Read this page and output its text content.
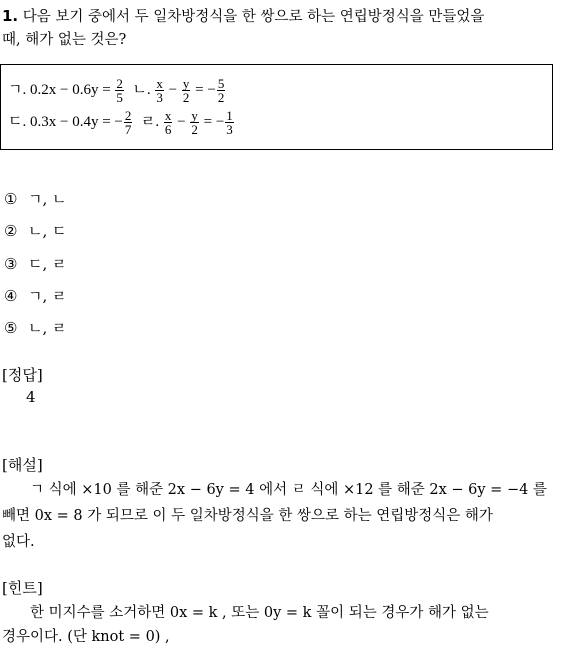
1. 다음 보기 중에서 두 일차방정식을 한 쌍으로 하는 연립방정식을 만들었을
때, 해가 없는 것은?
ㄱ. $0.2x - 0.6y = \frac{2}{5}$ ㄴ. $\frac{x}{3} - \frac{y}{2}$ = − $\frac{5}{2}$
ㄷ. 0.3x − 0.4y = − $\frac{2}{7}$ ㄹ. $\frac{x}{6} - \frac{y}{2}$ = − $\frac{1}{3}$
① ㄱ, ㄴ
② ㄴ, ㄷ
③ ㄷ, ㄹ
④ ㄱ, ㄹ
⑤ ㄴ, ㄹ
[정답]
4
[해설]
ㄱ 식에 ×10 를 해준 2x − 6y = 4 에서 ㄹ 식에 ×12 를 해준 2x − 6y = −4 를
빼면 0x = 8 가 되므로 이 두 일차방정식을 한 쌍으로 하는 연립방정식은 해가
없다.
[힌트]
한 미지수를 소거하면 0x = k , 또는 0y = k 꼴이 되는 경우가 해가 없는
경우이다. (단 knot = 0) ,
